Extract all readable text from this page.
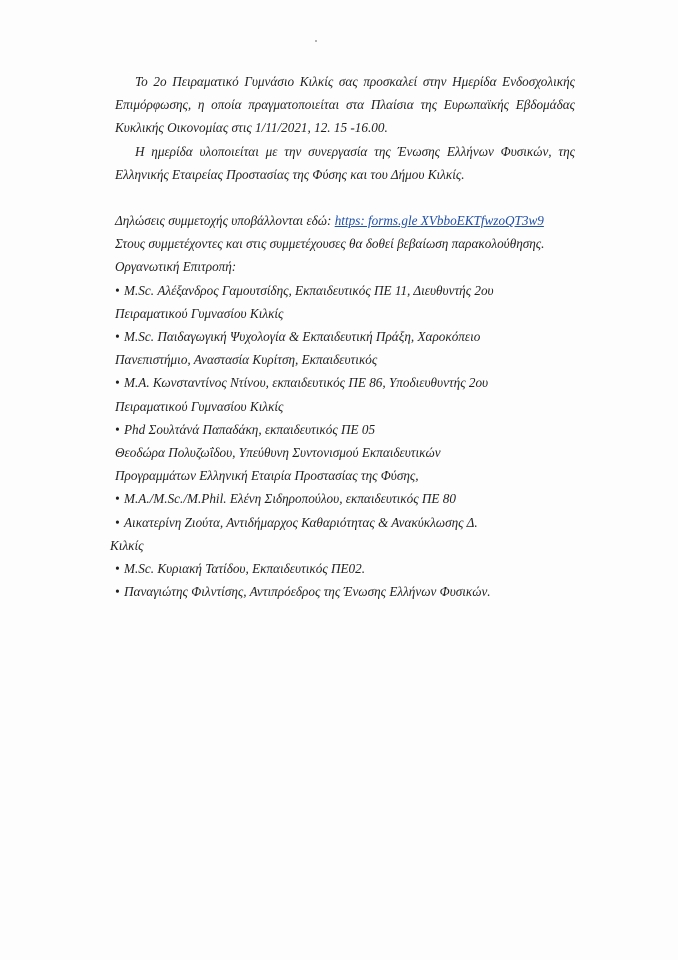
Το 2ο Πειραματικό Γυμνάσιο Κιλκίς σας προσκαλεί στην Ημερίδα Ενδοσχολικής Επιμόρφωσης, η οποία πραγματοποιείται στα Πλαίσια της Ευρωπαϊκής Εβδομάδας Κυκλικής Οικονομίας στις 1/11/2021, 12. 15 -16.00.

Η ημερίδα υλοποιείται με την συνεργασία της Ένωσης Ελλήνων Φυσικών, της Ελληνικής Εταιρείας Προστασίας της Φύσης και του Δήμου Κιλκίς.

Δηλώσεις συμμετοχής υποβάλλονται εδώ: https: forms.gle XVbboEKTfwzoQT3w9
Στους συμμετέχοντες και στις συμμετέχουσες θα δοθεί βεβαίωση παρακολούθησης.
Οργανωτική Επιτροπή:
• M.Sc. Αλέξανδρος Γαμουτσίδης, Εκπαιδευτικός ΠΕ 11, Διευθυντής 2ου
Πειραματικού Γυμνασίου Κιλκίς
• M.Sc. Παιδαγωγική Ψυχολογία & Εκπαιδευτική Πράξη, Χαροκόπειο
Πανεπιστήμιο, Αναστασία Κυρίτση, Εκπαιδευτικός
• M.A. Κωνσταντίνος Ντίνου, εκπαιδευτικός ΠΕ 86, Υποδιευθυντής 2ου
Πειραματικού Γυμνασίου Κιλκίς
• Phd Σουλτάνά Παπαδάκη, εκπαιδευτικός ΠΕ 05
Θεοδώρα Πολυζωΐδου, Υπεύθυνη Συντονισμού Εκπαιδευτικών
Προγραμμάτων Ελληνική Εταιρία Προστασίας της Φύσης,
• M.A./M.Sc./M.Phil. Ελένη Σιδηροπούλου, εκπαιδευτικός ΠΕ 80
• Αικατερίνη Ζιούτα, Αντιδήμαρχος Καθαριότητας & Ανακύκλωσης Δ.
Κιλκίς
• M.Sc. Κυριακή Τατίδου, Εκπαιδευτικός ΠΕ02.
• Παναγιώτης Φιλντίσης, Αντιπρόεδρος της Ένωσης Ελλήνων Φυσικών.
